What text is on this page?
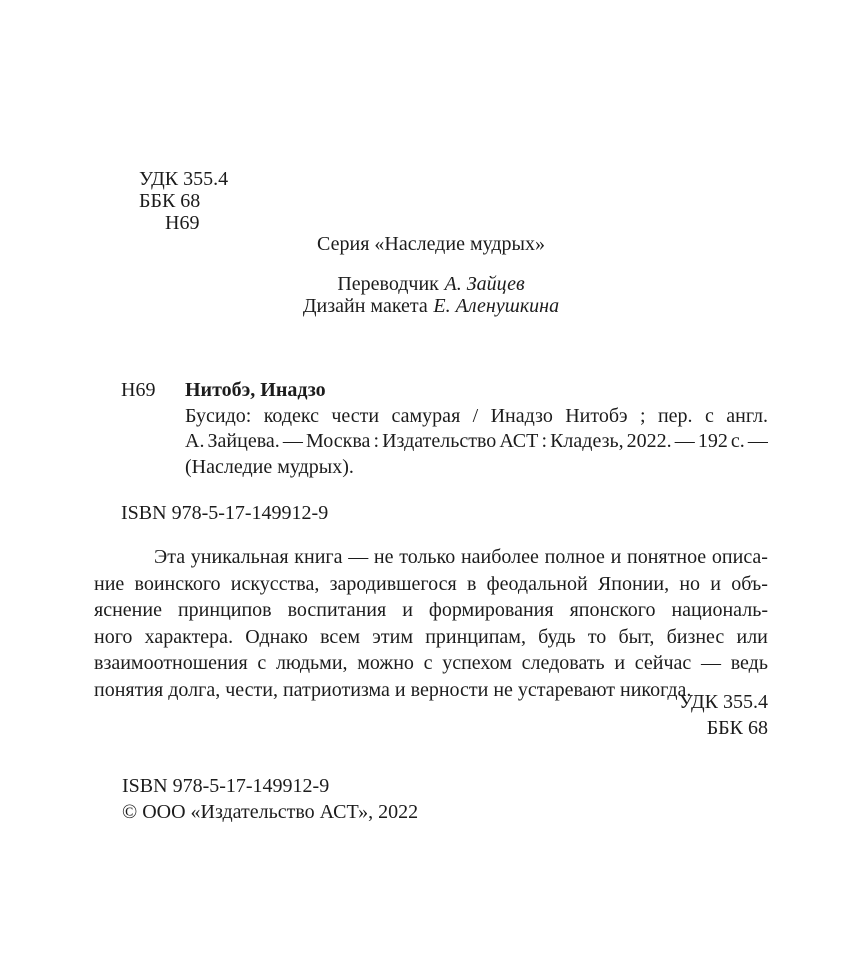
УДК 355.4
ББК 68
Н69
Серия «Наследие мудрых»
Переводчик А. Зайцев
Дизайн макета Е. Аленушкина
Н69 Нитобэ, Инадзо
Бусидо: кодекс чести самурая / Инадзо Нитобэ ; пер. с англ.
А. Зайцева. — Москва : Издательство АСТ : Кладезь, 2022. — 192 с. —
(Наследие мудрых).
ISBN 978-5-17-149912-9
Эта уникальная книга — не только наиболее полное и понятное описа-
ние воинского искусства, зародившегося в феодальной Японии, но и объ-
яснение принципов воспитания и формирования японского националь-
ного характера. Однако всем этим принципам, будь то быт, бизнес или
взаимоотношения с людьми, можно с успехом следовать и сейчас — ведь
понятия долга, чести, патриотизма и верности не устаревают никогда.
УДК 355.4
ББК 68
ISBN 978-5-17-149912-9
© ООО «Издательство АСТ», 2022
